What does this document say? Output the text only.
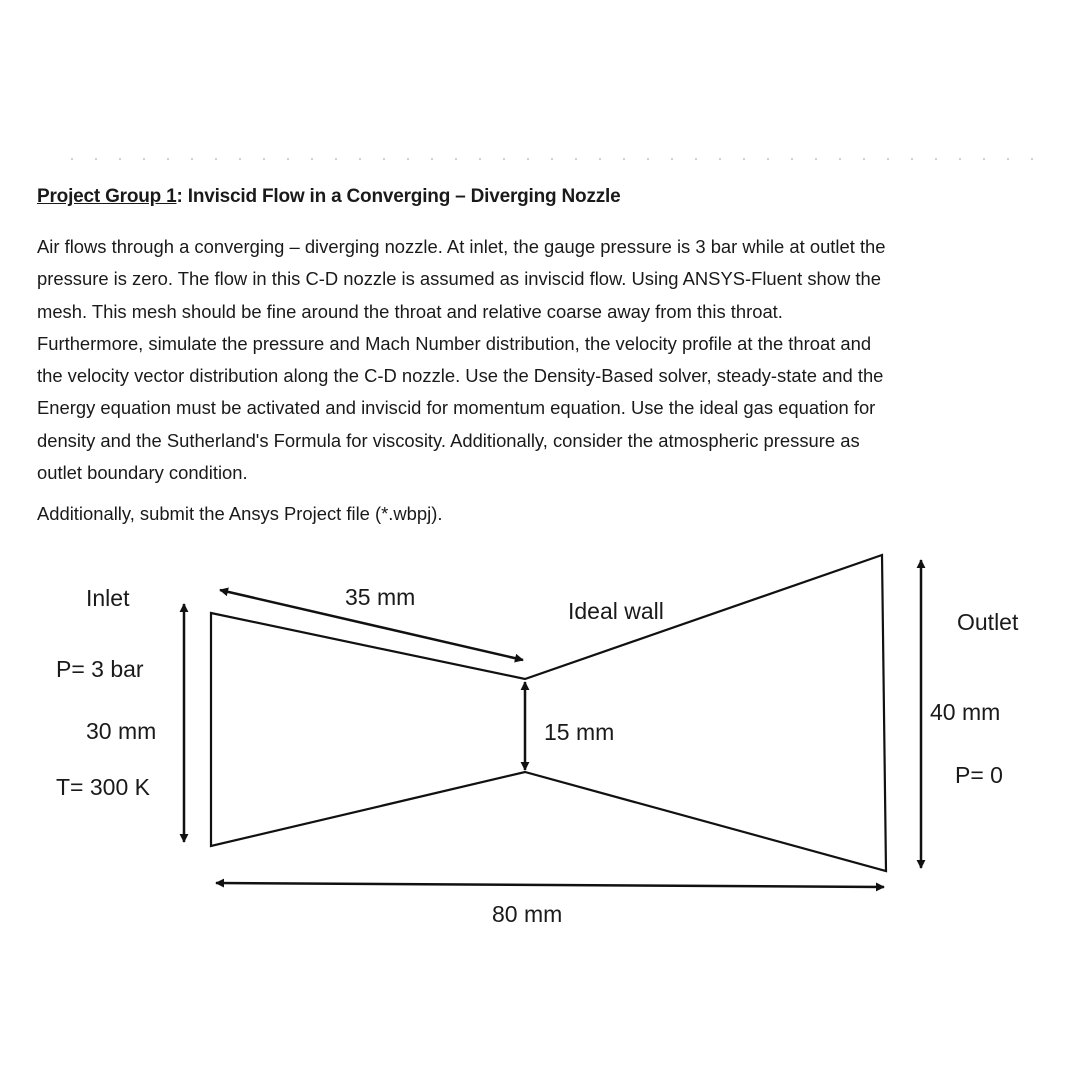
Project Group 1: Inviscid Flow in a Converging – Diverging Nozzle
Air flows through a converging – diverging nozzle. At inlet, the gauge pressure is 3 bar while at outlet the
pressure is zero. The flow in this C-D nozzle is assumed as inviscid flow. Using ANSYS-Fluent show the
mesh. This mesh should be fine around the throat and relative coarse away from this throat.
Furthermore, simulate the pressure and Mach Number distribution, the velocity profile at the throat and
the velocity vector distribution along the C-D nozzle. Use the Density-Based solver, steady-state and the
Energy equation must be activated and inviscid for momentum equation. Use the ideal gas equation for
density and the Sutherland's Formula for viscosity. Additionally, consider the atmospheric pressure as
outlet boundary condition.
Additionally, submit the Ansys Project file (*.wbpj).
Inlet
P= 3 bar
30 mm
T= 300 K
35 mm
Ideal wall
15 mm
Outlet
40 mm
P= 0
80 mm
